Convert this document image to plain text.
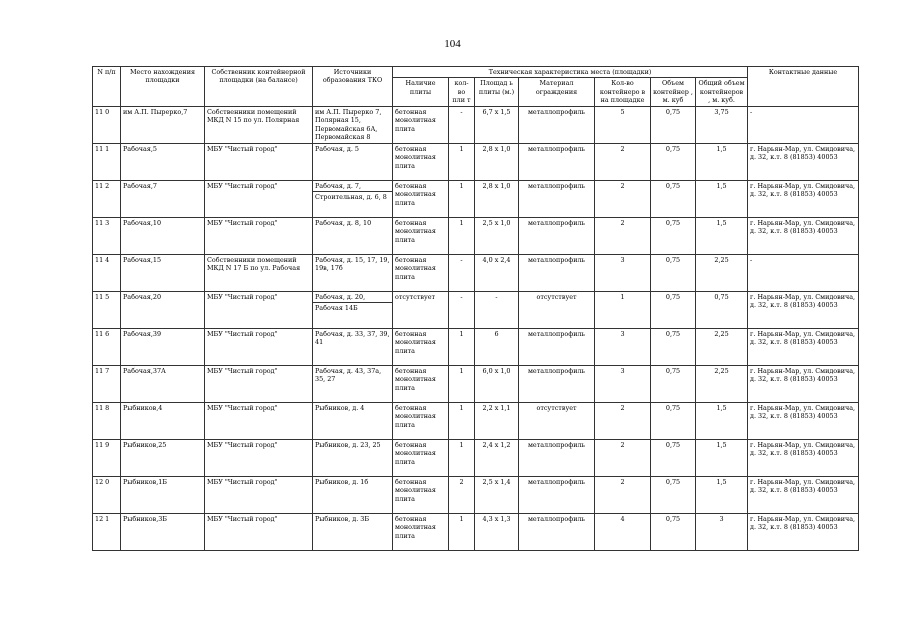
104
N п/п	Место нахождения площадки	Собственник контейнерной площадки (на балансе)	Источники образования ТКО	Техническая характеристика места (площадки)							Контактные данные
				Наличие плиты	кол-во пли т	Площад ь плиты (м.)	Материал ограждения	Кол-во контейнеро в на площадке	Объем контейнер , м. куб	Общий объем контейнеров , м. куб.	

11 0	им А.П. Пырерко,7	Собственники помещений МКД N 15 по ул. Полярная	им А.П. Пырерко 7, Полярная 15, Первомайская 6А, Первомайская 8	бетонная монолитная плита	-	6,7 х 1,5	металлопрофиль	5	0,75	3,75	-

11 1	Рабочая,5	МБУ "Чистый город"	Рабочая, д. 5	бетонная монолитная плита	1	2,8 х 1,0	металлопрофиль	2	0,75	1,5	г. Нарьян-Мар, ул. Смидовича, д. 32, к.т. 8 (81853) 40053

11 2	Рабочая,7	МБУ "Чистый город"	Рабочая, д. 7,
Строительная, д. 6, 8	бетонная монолитная плита	1	2,8 х 1,0	металлопрофиль	2	0,75	1,5	г. Нарьян-Мар, ул. Смидовича, д. 32, к.т. 8 (81853) 40053

11 3	Рабочая,10	МБУ "Чистый город"	Рабочая, д. 8, 10	бетонная монолитная плита	1	2,5 х 1,0	металлопрофиль	2	0,75	1,5	г. Нарьян-Мар, ул. Смидовича, д. 32, к.т. 8 (81853) 40053

11 4	Рабочая,15	Собственники помещений МКД N 17 Б по ул. Рабочая	Рабочая, д. 15, 17, 19, 19в, 17б	бетонная монолитная плита	-	4,0 х 2,4	металлопрофиль	3	0,75	2,25	-

11 5	Рабочая,20	МБУ "Чистый город"	Рабочая, д. 20,
Рабочая 14Б	отсутствует	-	-	отсутствует	1	0,75	0,75	г. Нарьян-Мар, ул. Смидовича, д. 32, к.т. 8 (81853) 40053

11 6	Рабочая,39	МБУ "Чистый город"	Рабочая, д. 33, 37, 39, 41	бетонная монолитная плита	1	6	металлопрофиль	3	0,75	2,25	г. Нарьян-Мар, ул. Смидовича, д. 32, к.т. 8 (81853) 40053

11 7	Рабочая,37А	МБУ "Чистый город"	Рабочая, д. 43, 37а, 35, 27	бетонная монолитная плита	1	6,0 х 1,0	металлопрофиль	3	0,75	2,25	г. Нарьян-Мар, ул. Смидовича, д. 32, к.т. 8 (81853) 40053

11 8	Рыбников,4	МБУ "Чистый город"	Рыбников, д. 4	бетонная монолитная плита	1	2,2 х 1,1	отсутствует	2	0,75	1,5	г. Нарьян-Мар, ул. Смидовича, д. 32, к.т. 8 (81853) 40053

11 9	Рыбников,25	МБУ "Чистый город"	Рыбников, д. 23, 25	бетонная монолитная плита	1	2,4 х 1,2	металлопрофиль	2	0,75	1,5	г. Нарьян-Мар, ул. Смидовича, д. 32, к.т. 8 (81853) 40053

12 0	Рыбников,1Б	МБУ "Чистый город"	Рыбников, д. 1б	бетонная монолитная плита	2	2,5 х 1,4	металлопрофиль	2	0,75	1,5	г. Нарьян-Мар, ул. Смидовича, д. 32, к.т. 8 (81853) 40053

12 1	Рыбников,3Б	МБУ "Чистый город"	Рыбников, д. 3Б	бетонная монолитная плита	1	4,3 х 1,3	металлопрофиль	4	0,75	3	г. Нарьян-Мар, ул. Смидовича, д. 32, к.т. 8 (81853) 40053
